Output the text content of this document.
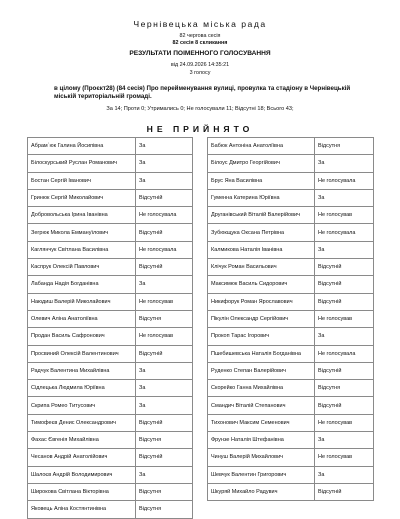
Чернівецька міська рада
82 чергова сесія
82 сесія 8 скликання
РЕЗУЛЬТАТИ ПОІМЕННОГО ГОЛОСУВАННЯ
від 24.09.2026 14:35:21
3 голосу
в цілому (Проєкт28) (84 сесія) Про перейменування вулиці, провулка та стадіону в Чернівецькій міській територіальній громаді.
За 14; Проти 0; Утримались 0; Не голосували 11; Відсутні 18; Всього 43;
НЕ ПРИЙНЯТО
Абрам`юк Галина Йосипівна	За
Білоскурський Руслан Романович	За
Бостан Сергій Іванович	За
Гринюк Сергій Миколайович	Відсутній
Добровольська Ірина Іванівна	Не голосувала
Зегрюк Микола Еммануїлович	Відсутній
Каглянчук Світлана Василівна	Не голосувала
Каспрук Олексій Павлович	Відсутній
Лабанда Надія Богданівна	За
Наюдиш Валерій Миколайович	Не голосував
Олевич Аліна Анатоліївна	Відсутня
Продан Василь Сафронович	Не голосував
Просвиний Олексій Валентинович	Відсутній
Радчук Валентина Михайлівна	За
Сідлецька Людмила Юріївна	За
Скрипа Ромео Титусович	За
Тимофеєв Денис Олександрович	Відсутній
Фахас Євгенія Михайлівна	Відсутня
Чесанов Андрій Анатолійович	Відсутній
Шалоєв Андрій Володимирович	За
Широкова Світлана Вікторівна	Відсутня
Яковець Аліна Костянтинівна	Відсутня
Бабюк Антоніна Анатоліївна	Відсутня
Білоус Дмитро Георгійович	За
Брус Яна Василівна	Не голосувала
Гуменна Катерина Юріївна	За
Друганівський Віталій Валерійович	Не голосував
Зубюкщука Оксана Петрівна	Не голосувала
Калмикова Наталія Іванівна	За
Клічук Роман Васильович	Відсутній
Максимюк Василь Сидорович	Відсутній
Никифорук Роман Ярославович	Відсутній
Пікулін Олександр Сергійович	Не голосував
Прокоп Тарас Ігорович	За
Пшебишевська Наталія Богданівна	Не голосувала
Руденко Степан Валерійович	Відсутній
Скорейко Ганна Михайлівна	Відсутня
Смандич Віталій Степанович	Відсутній
Тихонович Максим Семенович	Не голосував
Фрунзе Наталія Штефанівна	За
Чинуш Валерій Михайлович	Не голосував
Шевчук Валентин Григорович	За
Шкуряй Михайло Радувич	Відсутній
